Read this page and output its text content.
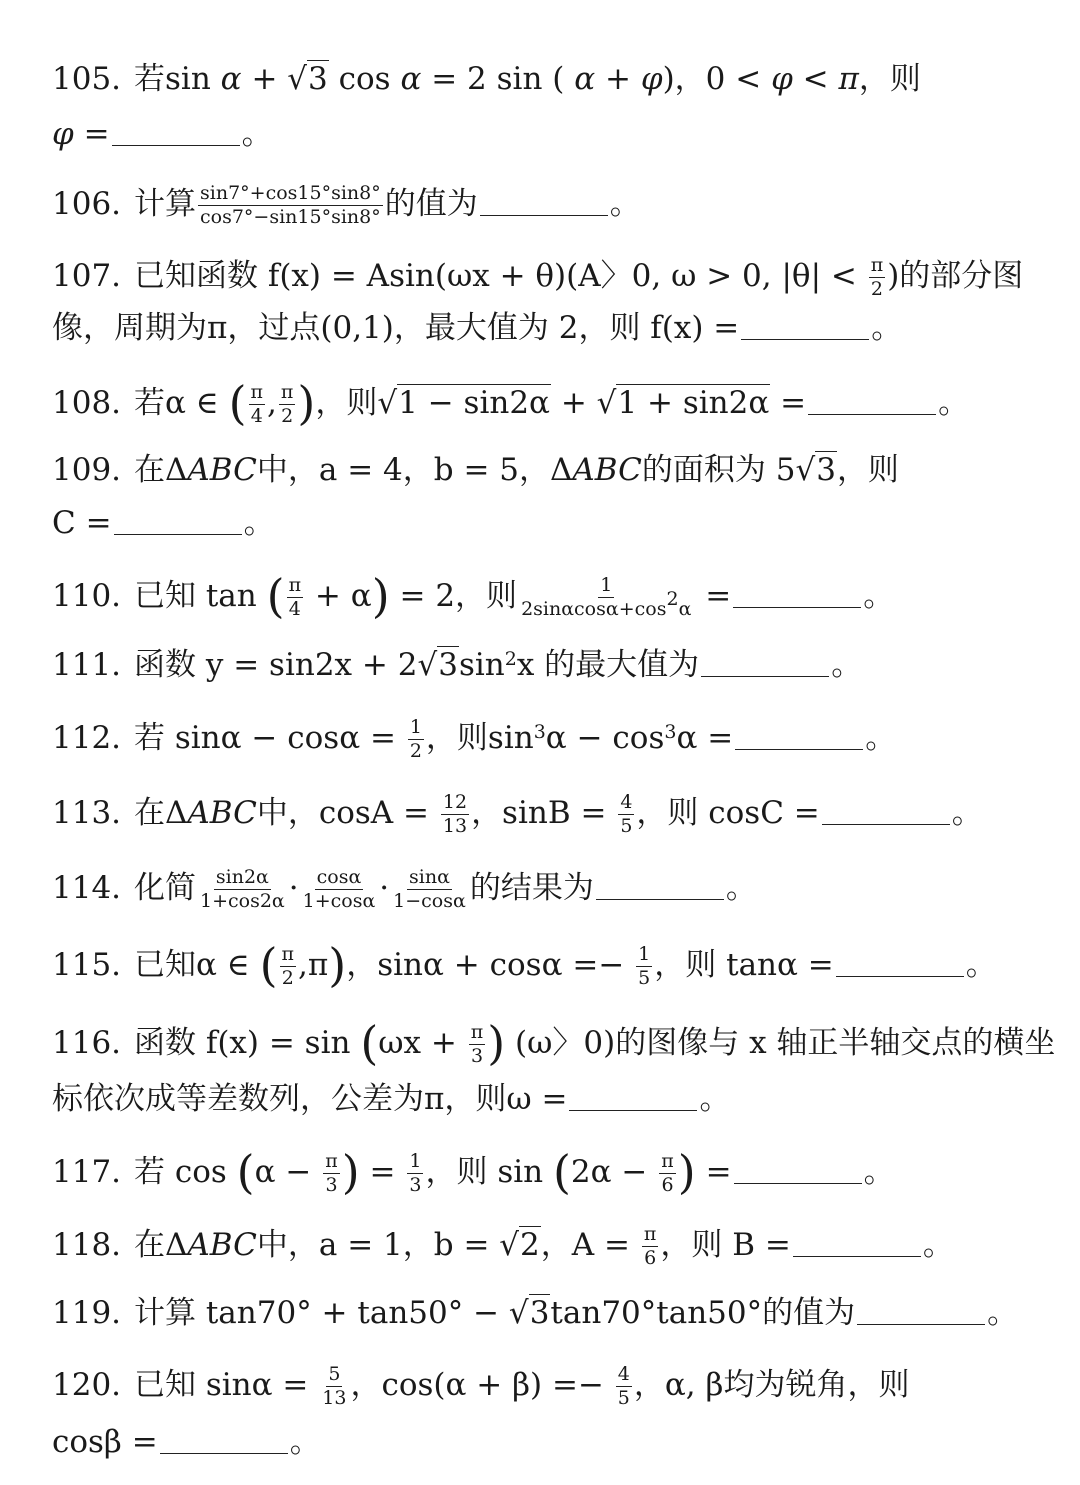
105. 若sin α + √3 cos α = 2 sin ( α + φ)，0 < φ < π，则
φ =	。
106. 计算 $\frac{\sin 7^\circ+\cos 15^\circ\sin 8^\circ}{\cos 7^\circ-\sin 15^\circ\sin 8^\circ}$ 的值为	。
107. 已知函数 f(x) = Asin(ωx + θ)(A〉0, ω > 0, $|\theta| < \frac{\pi}{2}$ )的部分图
像，周期为π，过点(0,1)，最大值为 2，则 f(x) =	。
108. 若α ∈ ( $\frac{\pi}{4}$ , $\frac{\pi}{2}$ )，则√1 − sin2α + √1 + sin2α =	。
109. 在ΔABC中，a = 4，b = 5，ΔABC的面积为 5√3，则
C =	。
110. 已知 tan ( $\frac{\pi}{4} + \alpha) = 2$，则 $\frac{1}{2\sin\alpha\cos\alpha+\cos^2\alpha}$ =	。
111. 函数 $y = \sin 2x + 2√3\sin^2x$ 的最大值为	。
112. 若 $\sin\alpha - \cos\alpha = \frac{1}{2}$ ，则$\sin^3\alpha - \cos^3\alpha$ =	。
113. 在ΔABC中，$\cos A = \frac{12}{13}$ ，$\sin B = \frac{4}{5}$ ，则 cosC =	。
114. 化简 $\frac{\sin 2\alpha}{1+\cos 2\alpha} \cdot \frac{\cos\alpha}{1+\cos\alpha} \cdot \frac{\sin\alpha}{1-\cos\alpha}$ 的结果为	。
115. 已知α ∈ ( $\frac{\pi}{2} ,\pi$)，$\sin\alpha + \cos\alpha =- \frac{1}{5}$ ，则 tanα =	。
116. 函数 $f(x) = \sin (\omega x + \frac{\pi}{3}$ ) (ω〉0)的图像与 x 轴正半轴交点的横坐
标依次成等差数列，公差为π，则ω =	。
117. 若 $\cos (\alpha - \frac{\pi}{3}$ ) = $\frac{1}{3}$ ，则 $\sin (2\alpha - \frac{\pi}{6}$ ) =	。
118. 在ΔABC中，a = 1，b = √2，$A = \frac{\pi}{6}$ ，则 B =	。
119. 计算 tan70° + tan50° − √3tan70°tan50°的值为	。
120. 已知 $\sin\alpha = \frac{5}{13}$ ，$\cos(\alpha + \beta) =- \frac{4}{5}$ ，α, β均为锐角，则
cosβ =	。
